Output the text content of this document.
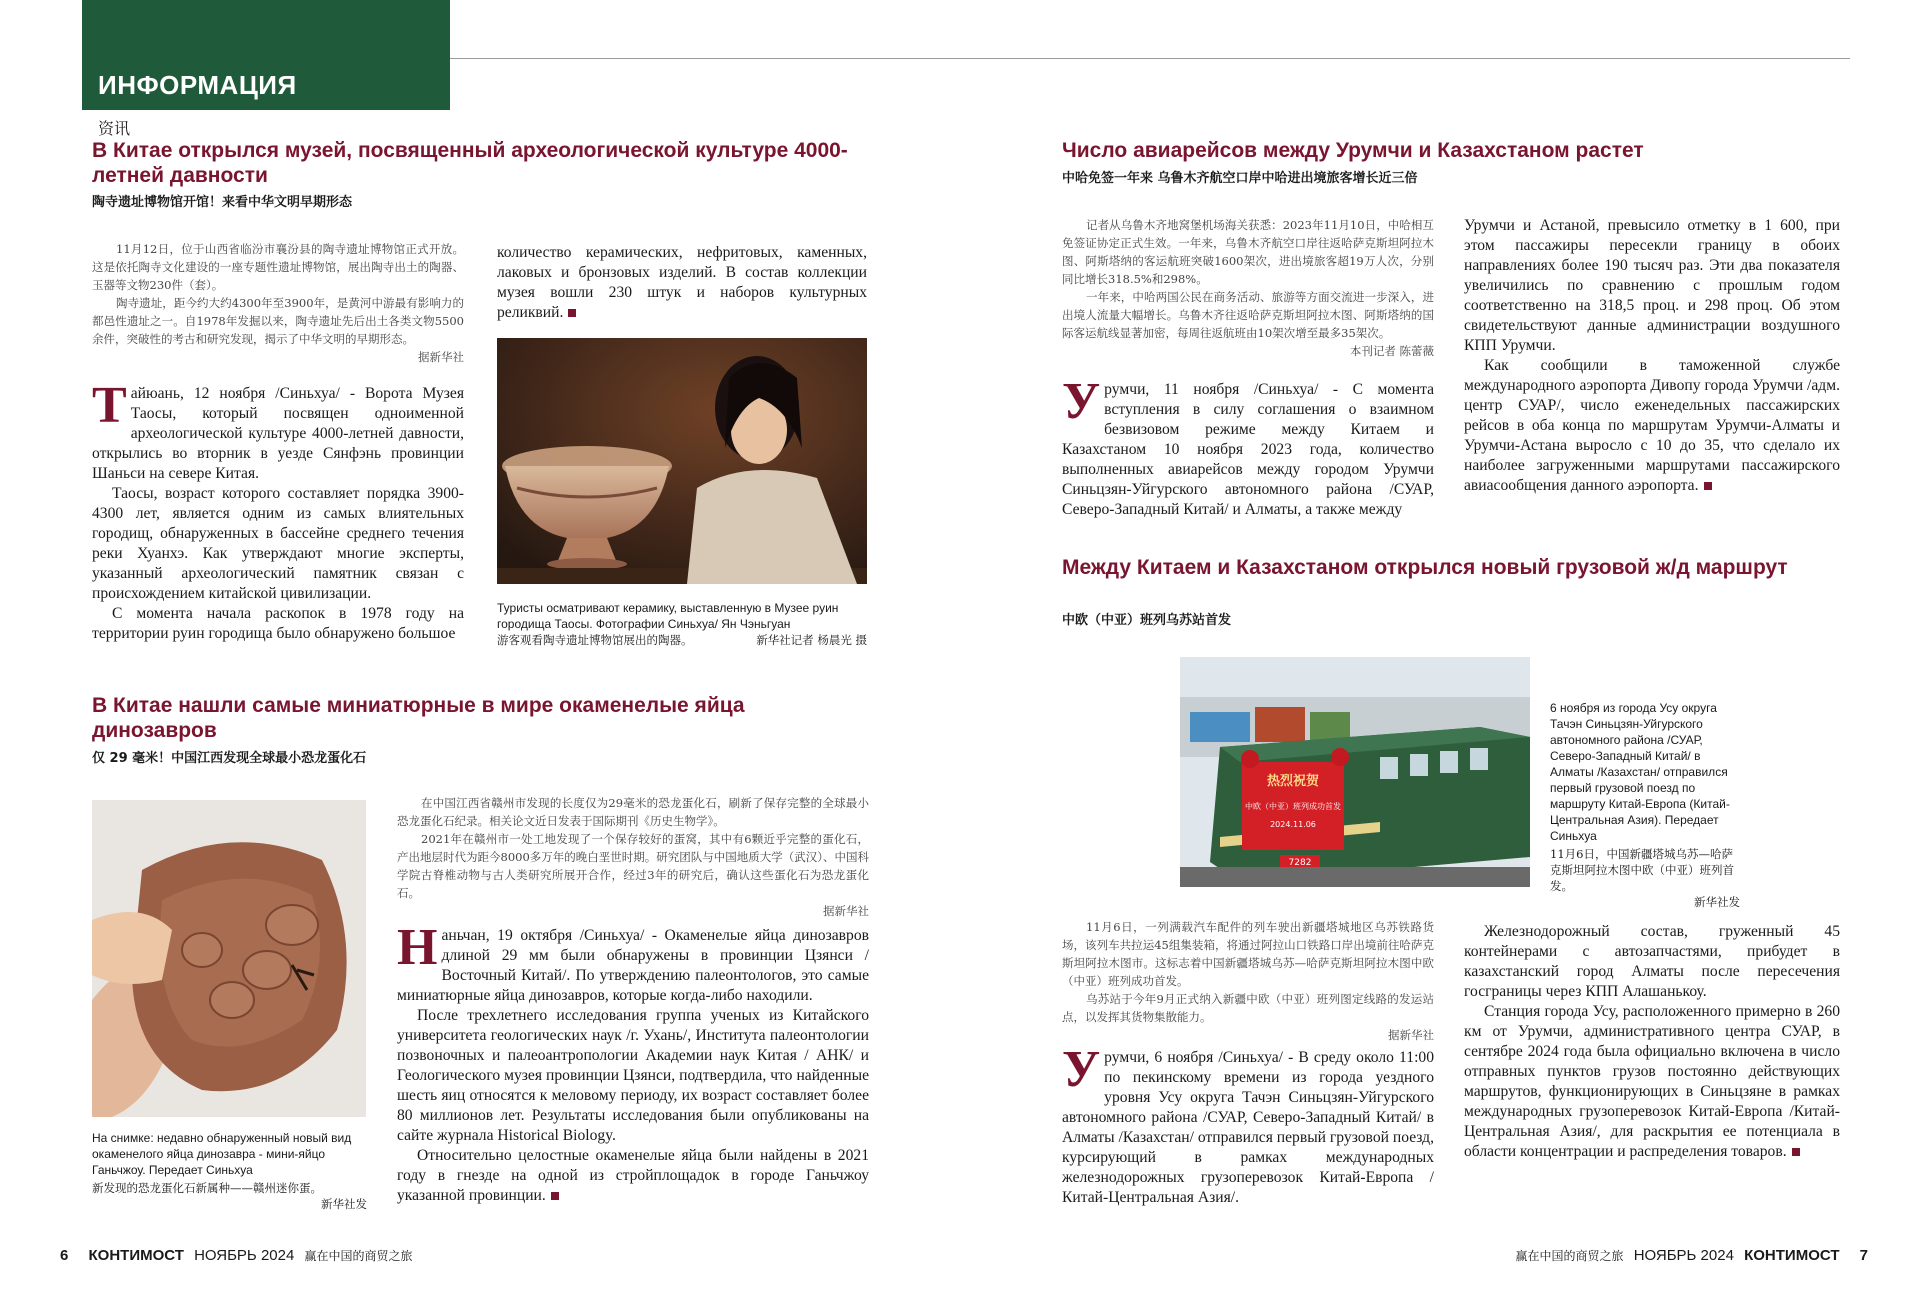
ИНФОРМАЦИЯ
资讯
В Китае открылся музей, посвященный археологической культуре 4000-летней давности
陶寺遗址博物馆开馆！来看中华文明早期形态

11月12日，位于山西省临汾市襄汾县的陶寺遗址博物馆正式开放。这是依托陶寺文化建设的一座专题性遗址博物馆，展出陶寺出土的陶器、玉器等文物230件（套）。

陶寺遗址，距今约大约4300年至3900年，是黄河中游最有影响力的都邑性遗址之一。自1978年发掘以来，陶寺遗址先后出土各类文物5500余件，突破性的考古和研究发现，揭示了中华文明的早期形态。

据新华社

Тайюань, 12 ноября /Синьхуа/ - Ворота Музея Таосы, который посвящен одноименной археологической культуре 4000-летней давности, открылись во вторник в уезде Сянфэнь провинции Шаньси на севере Китая.

Таосы, возраст которого составляет порядка 3900-4300 лет, является одним из самых влиятельных городищ, обнаруженных в бассейне среднего течения реки Хуанхэ. Как утверждают многие эксперты, указанный археологический памятник связан с происхождением китайской цивилизации.

С момента начала раскопок в 1978 году на территории руин городища было обнаружено большое

количество керамических, нефритовых, каменных, лаковых и бронзовых изделий. В состав коллекции музея вошли 230 штук и наборов культурных реликвий.

Туристы осматривают керамику, выставленную в Музее руин городища Таосы. Фотографии Синьхуа/ Ян Чэньгуан
游客观看陶寺遗址博物馆展出的陶器。	新华社记者 杨晨光 摄
В Китае нашли самые миниатюрные в мире окаменелые яйца динозавров
仅 29 毫米！中国江西发现全球最小恐龙蛋化石
На снимке: недавно обнаруженный новый вид окаменелого яйца динозавра - мини-яйцо Ганьчжоу. Передает Синьхуа
新发现的恐龙蛋化石新属种——赣州迷你蛋。
新华社发

在中国江西省赣州市发现的长度仅为29毫米的恐龙蛋化石，刷新了保存完整的全球最小恐龙蛋化石纪录。相关论文近日发表于国际期刊《历史生物学》。

2021年在赣州市一处工地发现了一个保存较好的蛋窝，其中有6颗近乎完整的蛋化石，产出地层时代为距今8000多万年的晚白垩世时期。研究团队与中国地质大学（武汉）、中国科学院古脊椎动物与古人类研究所展开合作，经过3年的研究后，确认这些蛋化石为恐龙蛋化石。

据新华社

Наньчан, 19 октября /Синьхуа/ - Окаменелые яйца динозавров длиной 29 мм были обнаружены в провинции Цзянси /Восточный Китай/. По утверждению палеонтологов, это самые миниатюрные яйца динозавров, которые когда-либо находили.

После трехлетнего исследования группа ученых из Китайского университета геологических наук /г. Ухань/, Института палеонтологии позвоночных и палеоантропологии Академии наук Китая / АНК/ и Геологического музея провинции Цзянси, подтвердила, что найденные шесть яиц относятся к меловому периоду, их возраст составляет более 80 миллионов лет. Результаты исследования были опубликованы на сайте журнала Historical Biology.

Относительно целостные окаменелые яйца были найдены в 2021 году в гнезде на одной из стройплощадок в городе Ганьчжоу указанной провинции.

Число авиарейсов между Урумчи и Казахстаном растет
中哈免签一年来 乌鲁木齐航空口岸中哈进出境旅客增长近三倍

记者从乌鲁木齐地窝堡机场海关获悉：2023年11月10日，中哈相互免签证协定正式生效。一年来，乌鲁木齐航空口岸往返哈萨克斯坦阿拉木图、阿斯塔纳的客运航班突破1600架次，进出境旅客超19万人次，分别同比增长318.5%和298%。

一年来，中哈两国公民在商务活动、旅游等方面交流进一步深入，进出境人流量大幅增长。乌鲁木齐往返哈萨克斯坦阿拉木图、阿斯塔纳的国际客运航线显著加密，每周往返航班由10架次增至最多35架次。

本刊记者 陈蕾薇

Урумчи, 11 ноября /Синьхуа/ - С момента вступления в силу соглашения о взаимном безвизовом режиме между Китаем и Казахстаном 10 ноября 2023 года, количество выполненных авиарейсов между городом Урумчи Синьцзян-Уйгурского автономного района /СУАР, Северо-Западный Китай/ и Алматы, а также между

Урумчи и Астаной, превысило отметку в 1 600, при этом пассажиры пересекли границу в обоих направлениях более 190 тысяч раз. Эти два показателя увеличились по сравнению с прошлым годом соответственно на 318,5 проц. и 298 проц. Об этом свидетельствуют данные администрации воздушного КПП Урумчи.

Как сообщили в таможенной службе международного аэропорта Дивопу города Урумчи /адм. центр СУАР/, число еженедельных пассажирских рейсов в оба конца по маршрутам Урумчи-Алматы и Урумчи-Астана выросло с 10 до 35, что сделало их наиболее загруженными маршрутами пассажирского авиасообщения данного аэропорта.

Между Китаем и Казахстаном открылся новый грузовой ж/д маршрут
中欧（中亚）班列乌苏站首发
热烈祝贺
中欧（中亚）班列成功首发
2024.11.06
7282
6 ноября из города Усу округа Тачэн Синьцзян-Уйгурского автономного района /СУАР, Северо-Западный Китай/ в Алматы /Казахстан/ отправился первый грузовой поезд по маршруту Китай-Европа (Китай-Центральная Азия). Передает Синьхуа
11月6日，中国新疆塔城乌苏—哈萨克斯坦阿拉木图中欧（中亚）班列首发。
新华社发

11月6日，一列满载汽车配件的列车驶出新疆塔城地区乌苏铁路货场，该列车共拉运45组集装箱，将通过阿拉山口铁路口岸出境前往哈萨克斯坦阿拉木图市。这标志着中国新疆塔城乌苏—哈萨克斯坦阿拉木图中欧（中亚）班列成功首发。

乌苏站于今年9月正式纳入新疆中欧（中亚）班列图定线路的发运站点，以发挥其货物集散能力。

据新华社

Урумчи, 6 ноября /Синьхуа/ - В среду около 11:00 по пекинскому времени из города уездного уровня Усу округа Тачэн Синьцзян-Уйгурского автономного района /СУАР, Северо-Западный Китай/ в Алматы /Казахстан/ отправился первый грузовой поезд, курсирующий в рамках международных железнодорожных грузоперевозок Китай-Европа /Китай-Центральная Азия/.

Железнодорожный состав, груженный 45 контейнерами с автозапчастями, прибудет в казахстанский город Алматы после пересечения госграницы через КПП Алашанькоу.

Станция города Усу, расположенного примерно в 260 км от Урумчи, административного центра СУАР, в сентябре 2024 года была официально включена в число отправных пунктов грузов постоянно действующих маршрутов, функционирующих в Синьцзяне в рамках международных грузоперевозок Китай-Европа /Китай-Центральная Азия/, для раскрытия ее потенциала в области концентрации и распределения товаров.

6 КОНТИМОСТ НОЯБРЬ 2024 赢在中国的商贸之旅	赢在中国的商贸之旅 НОЯБРЬ 2024 КОНТИМОСТ 7
